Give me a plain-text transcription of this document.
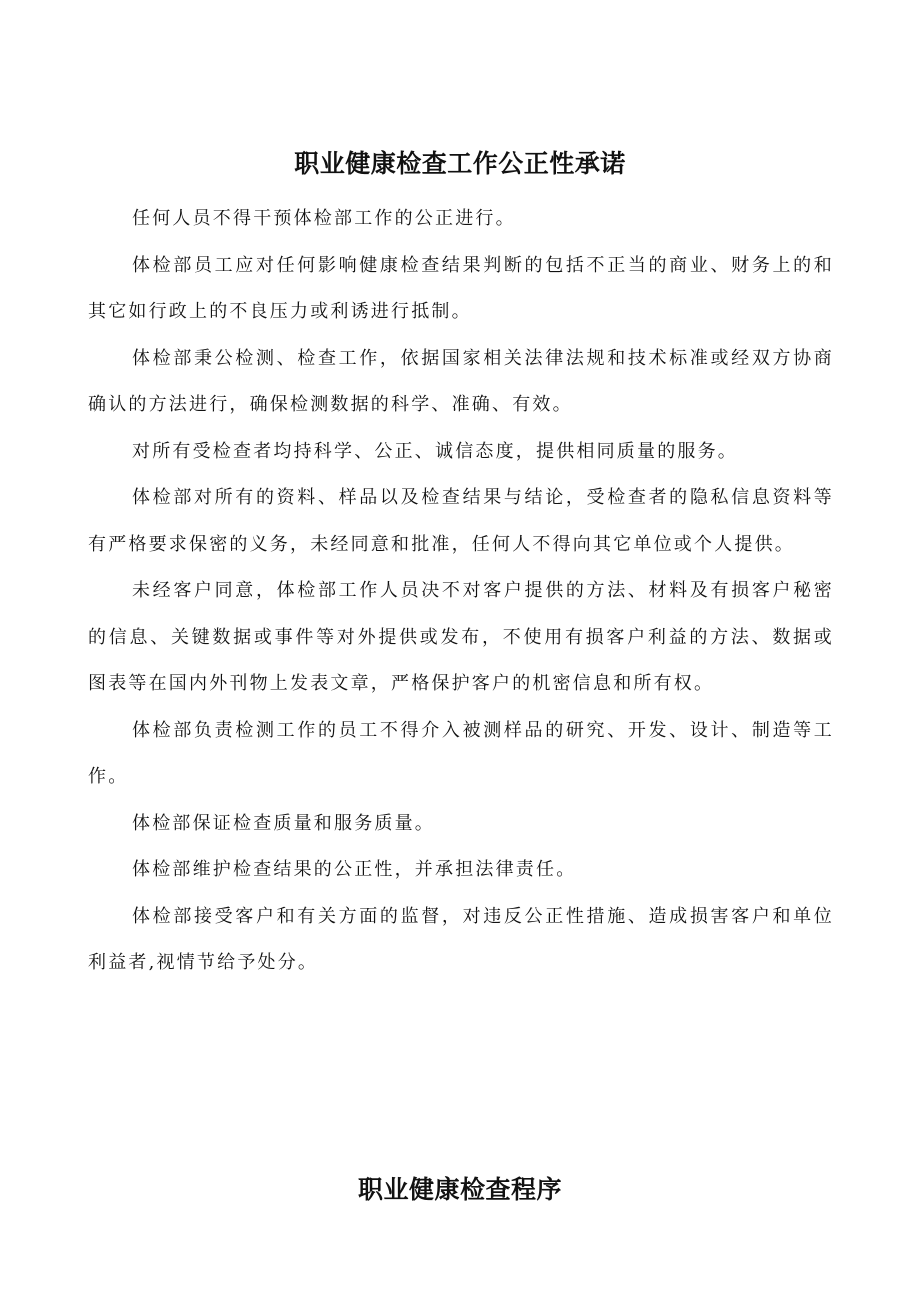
职业健康检查工作公正性承诺

任何人员不得干预体检部工作的公正进行。

体检部员工应对任何影响健康检查结果判断的包括不正当的商业、财务上的和其它如行政上的不良压力或利诱进行抵制。

体检部秉公检测、检查工作，依据国家相关法律法规和技术标准或经双方协商确认的方法进行，确保检测数据的科学、准确、有效。

对所有受检查者均持科学、公正、诚信态度，提供相同质量的服务。

体检部对所有的资料、样品以及检查结果与结论，受检查者的隐私信息资料等有严格要求保密的义务，未经同意和批准，任何人不得向其它单位或个人提供。

未经客户同意，体检部工作人员决不对客户提供的方法、材料及有损客户秘密的信息、关键数据或事件等对外提供或发布，不使用有损客户利益的方法、数据或图表等在国内外刊物上发表文章，严格保护客户的机密信息和所有权。

体检部负责检测工作的员工不得介入被测样品的研究、开发、设计、制造等工作。

体检部保证检查质量和服务质量。

体检部维护检查结果的公正性，并承担法律责任。

体检部接受客户和有关方面的监督，对违反公正性措施、造成损害客户和单位利益者,视情节给予处分。

职业健康检查程序
